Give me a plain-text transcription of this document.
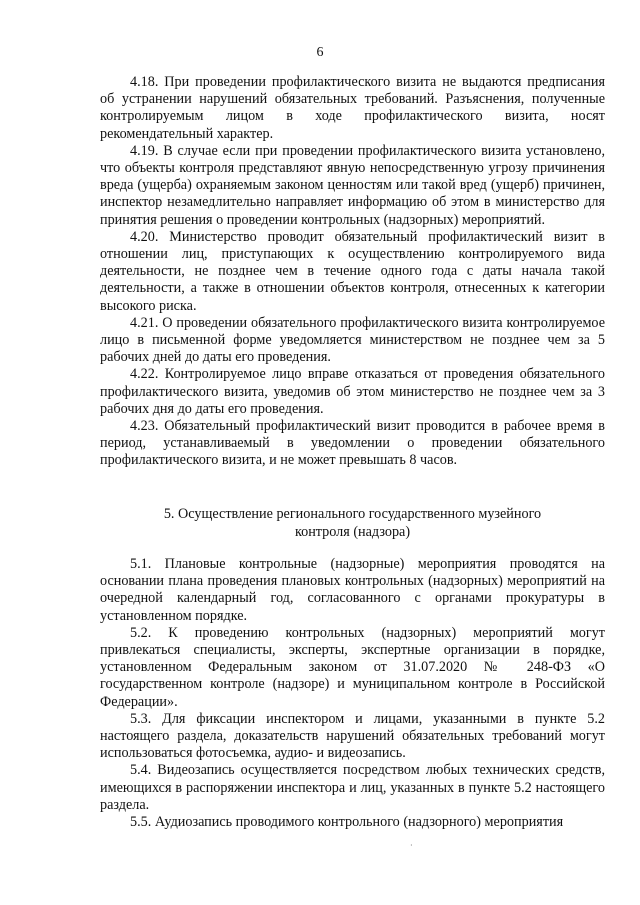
6

4.18. При проведении профилактического визита не выдаются предписания об устранении нарушений обязательных требований. Разъяснения, полученные контролируемым лицом в ходе профилактического визита, носят рекомендательный характер.

4.19. В случае если при проведении профилактического визита установлено, что объекты контроля представляют явную непосредственную угрозу причинения вреда (ущерба) охраняемым законом ценностям или такой вред (ущерб) причинен, инспектор незамедлительно направляет информацию об этом в министерство для принятия решения о проведении контрольных (надзорных) мероприятий.

4.20. Министерство проводит обязательный профилактический визит в отношении лиц, приступающих к осуществлению контролируемого вида деятельности, не позднее чем в течение одного года с даты начала такой деятельности, а также в отношении объектов контроля, отнесенных к категории высокого риска.

4.21. О проведении обязательного профилактического визита контролируемое лицо в письменной форме уведомляется министерством не позднее чем за 5 рабочих дней до даты его проведения.

4.22. Контролируемое лицо вправе отказаться от проведения обязательного профилактического визита, уведомив об этом министерство не позднее чем за 3 рабочих дня до даты его проведения.

4.23. Обязательный профилактический визит проводится в рабочее время в период, устанавливаемый в уведомлении о проведении обязательного профилактического визита, и не может превышать 8 часов.

5. Осуществление регионального государственного музейного
контроля (надзора)

5.1. Плановые контрольные (надзорные) мероприятия проводятся на основании плана проведения плановых контрольных (надзорных) мероприятий на очередной календарный год, согласованного с органами прокуратуры в установленном порядке.

5.2. К проведению контрольных (надзорных) мероприятий могут привлекаться специалисты, эксперты, экспертные организации в порядке, установленном Федеральным законом от 31.07.2020 № 248-ФЗ «О государственном контроле (надзоре) и муниципальном контроле в Российской Федерации».

5.3. Для фиксации инспектором и лицами, указанными в пункте 5.2 настоящего раздела, доказательств нарушений обязательных требований могут использоваться фотосъемка, аудио- и видеозапись.

5.4. Видеозапись осуществляется посредством любых технических средств, имеющихся в распоряжении инспектора и лиц, указанных в пункте 5.2 настоящего раздела.

5.5. Аудиозапись проводимого контрольного (надзорного) мероприятия

·
